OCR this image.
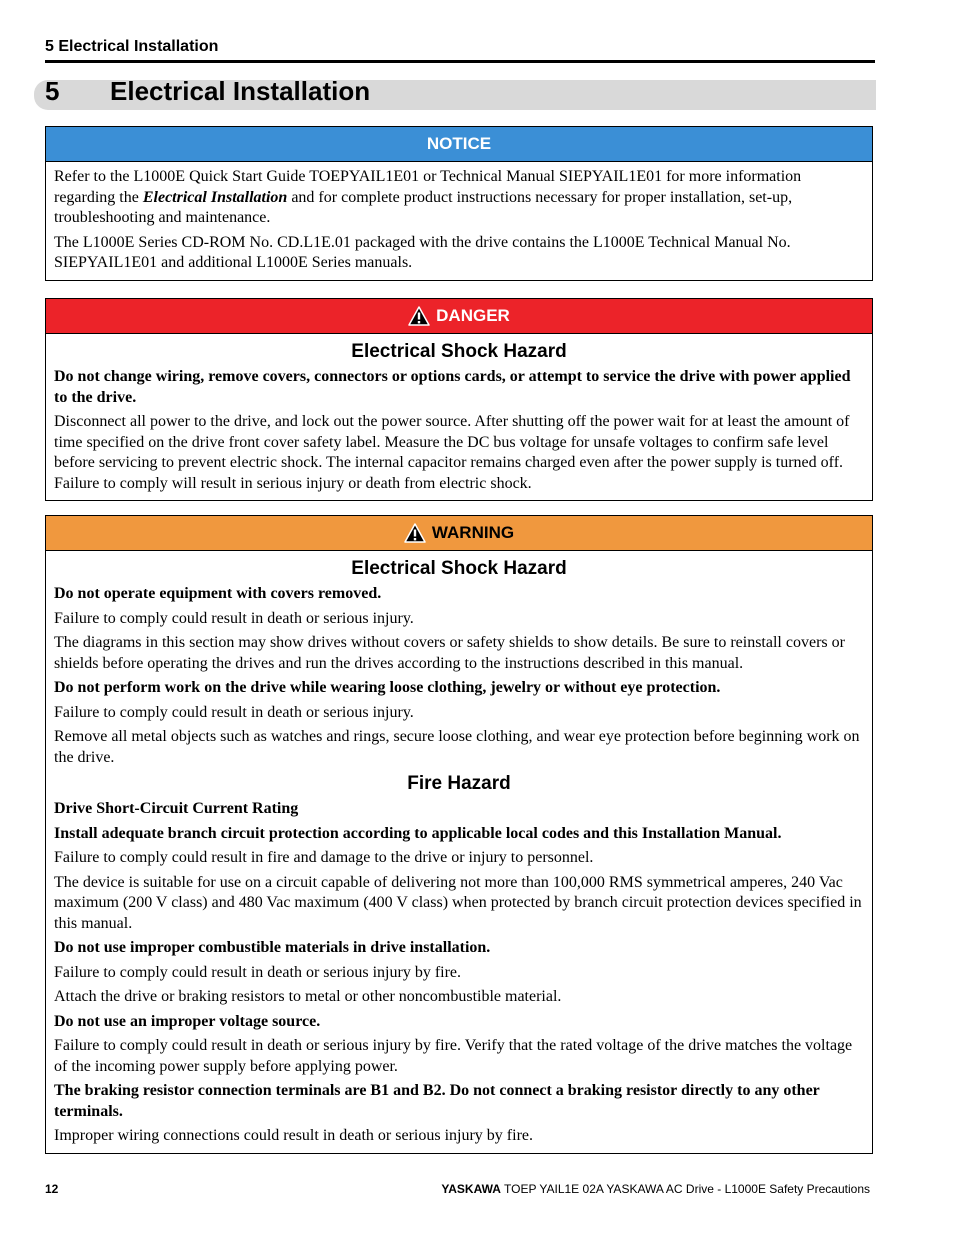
5 Electrical Installation
5 Electrical Installation
NOTICE

Refer to the L1000E Quick Start Guide TOEPYAIL1E01 or Technical Manual SIEPYAIL1E01 for more information regarding the Electrical Installation and for complete product instructions necessary for proper installation, set-up, troubleshooting and maintenance.

The L1000E Series CD-ROM No. CD.L1E.01 packaged with the drive contains the L1000E Technical Manual No. SIEPYAIL1E01 and additional L1000E Series manuals.

DANGER

Electrical Shock Hazard

Do not change wiring, remove covers, connectors or options cards, or attempt to service the drive with power applied to the drive.

Disconnect all power to the drive, and lock out the power source. After shutting off the power wait for at least the amount of time specified on the drive front cover safety label. Measure the DC bus voltage for unsafe voltages to confirm safe level before servicing to prevent electric shock. The internal capacitor remains charged even after the power supply is turned off. Failure to comply will result in serious injury or death from electric shock.

WARNING

Electrical Shock Hazard

Do not operate equipment with covers removed.

Failure to comply could result in death or serious injury.

The diagrams in this section may show drives without covers or safety shields to show details. Be sure to reinstall covers or shields before operating the drives and run the drives according to the instructions described in this manual.

Do not perform work on the drive while wearing loose clothing, jewelry or without eye protection.

Failure to comply could result in death or serious injury.

Remove all metal objects such as watches and rings, secure loose clothing, and wear eye protection before beginning work on the drive.

Fire Hazard

Drive Short-Circuit Current Rating

Install adequate branch circuit protection according to applicable local codes and this Installation Manual.

Failure to comply could result in fire and damage to the drive or injury to personnel.

The device is suitable for use on a circuit capable of delivering not more than 100,000 RMS symmetrical amperes, 240 Vac maximum (200 V class) and 480 Vac maximum (400 V class) when protected by branch circuit protection devices specified in this manual.

Do not use improper combustible materials in drive installation.

Failure to comply could result in death or serious injury by fire.

Attach the drive or braking resistors to metal or other noncombustible material.

Do not use an improper voltage source.

Failure to comply could result in death or serious injury by fire. Verify that the rated voltage of the drive matches the voltage of the incoming power supply before applying power.

The braking resistor connection terminals are B1 and B2. Do not connect a braking resistor directly to any other terminals.

Improper wiring connections could result in death or serious injury by fire.

12	YASKAWA TOEP YAIL1E 02A YASKAWA AC Drive - L1000E Safety Precautions
